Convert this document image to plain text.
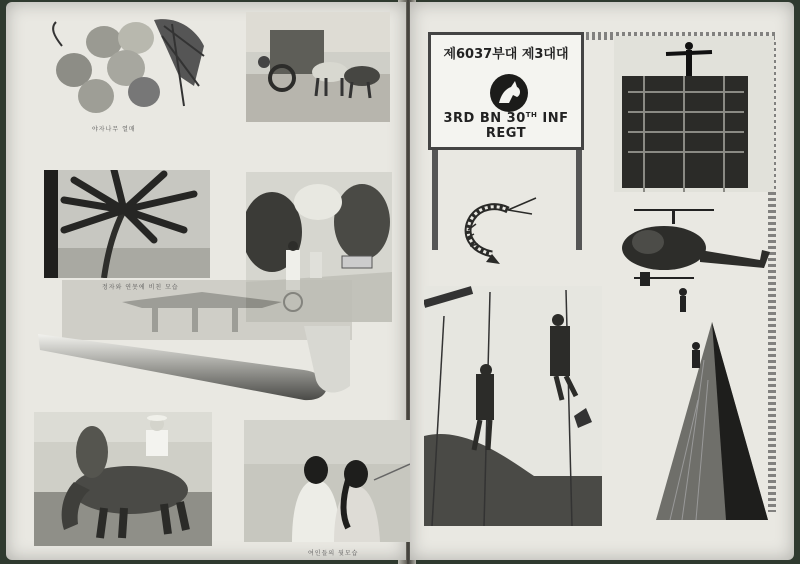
야자나무 열매
정자와 연못에 비친 모습
여인들의 뒷모습
제6037부대 제3대대
3RD BN 30TH INF REGT
